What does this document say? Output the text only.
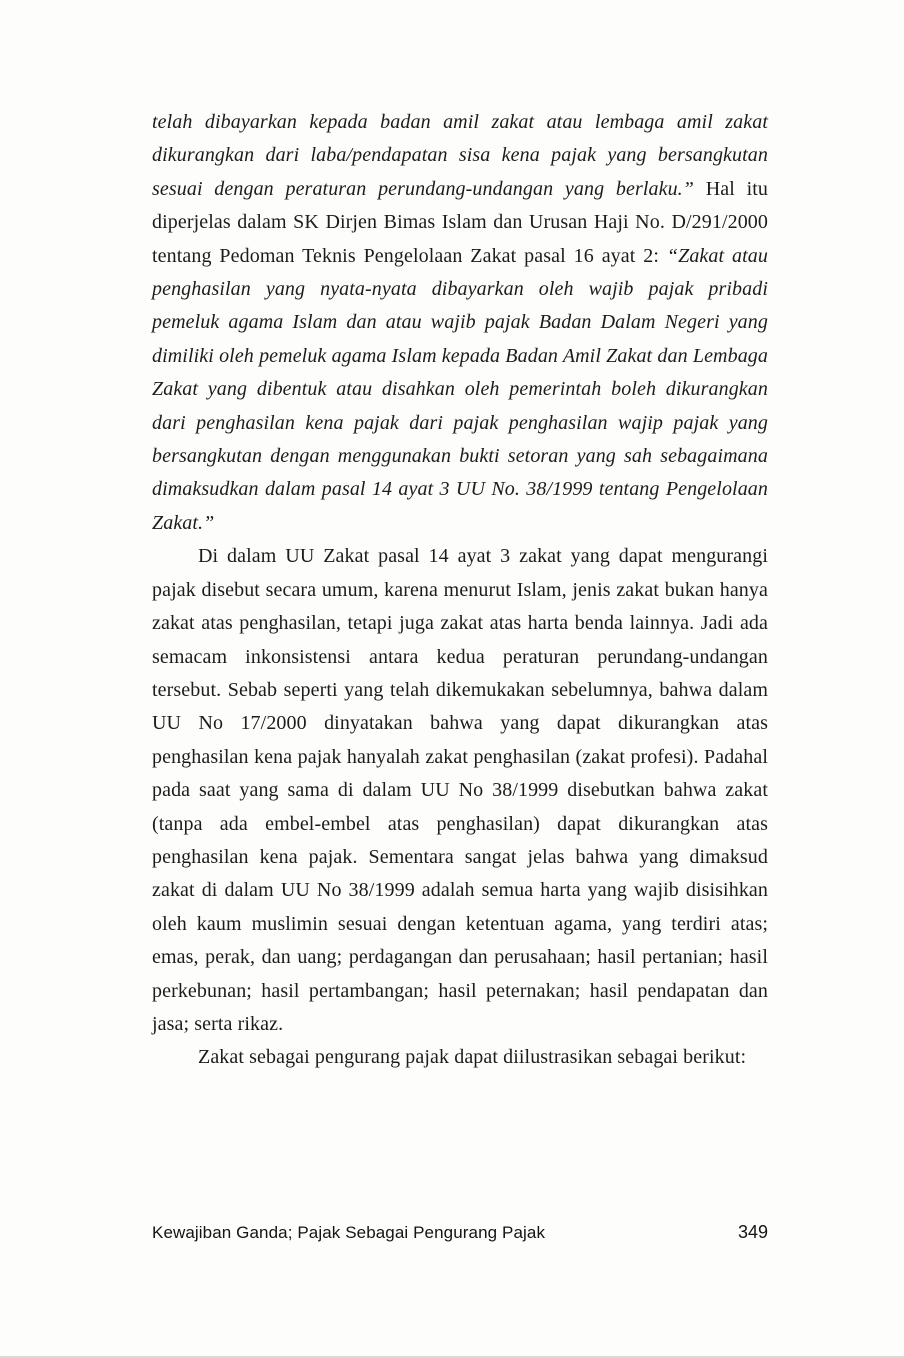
telah dibayarkan kepada badan amil zakat atau lembaga amil zakat dikurangkan dari laba/pendapatan sisa kena pajak yang bersangkutan sesuai dengan peraturan perundang-undangan yang berlaku.” Hal itu diperjelas dalam SK Dirjen Bimas Islam dan Urusan Haji No. D/291/2000 tentang Pedoman Teknis Pengelolaan Zakat pasal 16 ayat 2: “Zakat atau penghasilan yang nyata-nyata dibayarkan oleh wajib pajak pribadi pemeluk agama Islam dan atau wajib pajak Badan Dalam Negeri yang dimiliki oleh pemeluk agama Islam kepada Badan Amil Zakat dan Lembaga Zakat yang dibentuk atau disahkan oleh pemerintah boleh dikurangkan dari penghasilan kena pajak dari pajak penghasilan wajip pajak yang bersangkutan dengan menggunakan bukti setoran yang sah sebagaimana dimaksudkan dalam pasal 14 ayat 3 UU No. 38/1999 tentang Pengelolaan Zakat.”

Di dalam UU Zakat pasal 14 ayat 3 zakat yang dapat mengurangi pajak disebut secara umum, karena menurut Islam, jenis zakat bukan hanya zakat atas penghasilan, tetapi juga zakat atas harta benda lainnya. Jadi ada semacam inkonsistensi antara kedua peraturan perundang-undangan tersebut. Sebab seperti yang telah dikemukakan sebelumnya, bahwa dalam UU No 17/2000 dinyatakan bahwa yang dapat dikurangkan atas penghasilan kena pajak hanyalah zakat penghasilan (zakat profesi). Padahal pada saat yang sama di dalam UU No 38/1999 disebutkan bahwa zakat (tanpa ada embel-embel atas penghasilan) dapat dikurangkan atas penghasilan kena pajak. Sementara sangat jelas bahwa yang dimaksud zakat di dalam UU No 38/1999 adalah semua harta yang wajib disisihkan oleh kaum muslimin sesuai dengan ketentuan agama, yang terdiri atas; emas, perak, dan uang; perdagangan dan perusahaan; hasil pertanian; hasil perkebunan; hasil pertambangan; hasil peternakan; hasil pendapatan dan jasa; serta rikaz.

Zakat sebagai pengurang pajak dapat diilustrasikan sebagai berikut:

Kewajiban Ganda; Pajak Sebagai Pengurang Pajak	349
